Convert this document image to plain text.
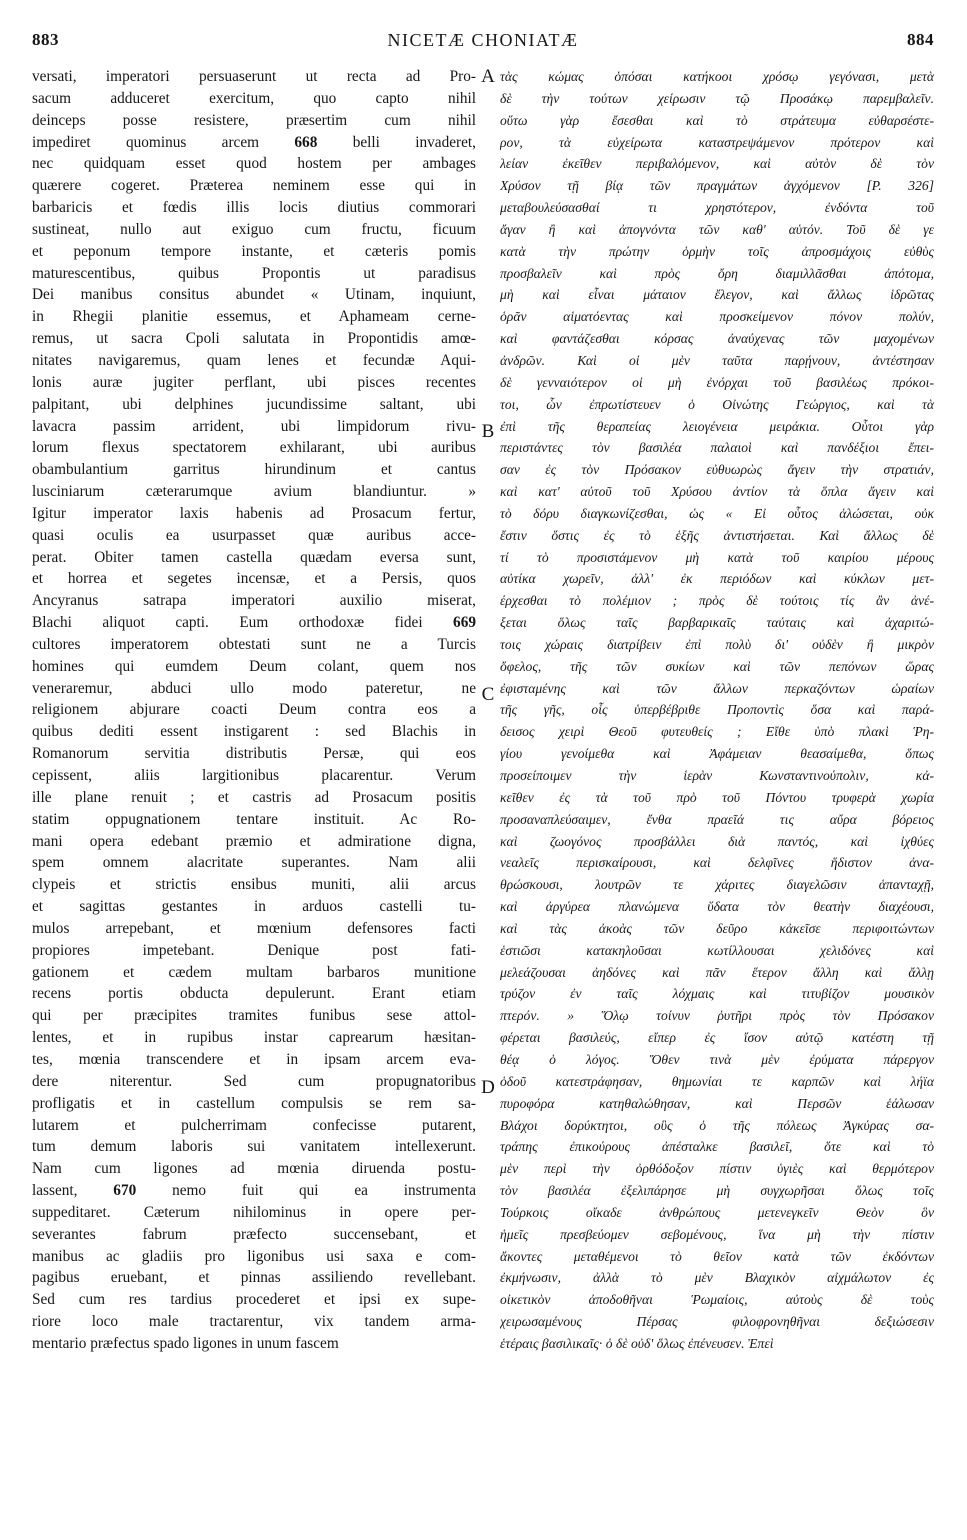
883	NICETÆ CHONIATÆ	884
versati, imperatori persuaserunt ut recta ad Pro-
sacum adduceret exercitum, quo capto nihil
deinceps posse resistere, præsertim cum nihil
impediret quominus arcem 668 belli invaderet,
nec quidquam esset quod hostem per ambages
quærere cogeret. Præterea neminem esse qui in
barbaricis et fœdis illis locis diutius commorari
sustineat, nullo aut exiguo cum fructu, ficuum
et peponum tempore instante, et cæteris pomis
maturescentibus, quibus Propontis ut paradisus
Dei manibus consitus abundet « Utinam, inquiunt,
in Rhegii planitie essemus, et Aphameam cerne-
remus, ut sacra Cpoli salutata in Propontidis amœ-
nitates navigaremus, quam lenes et fecundæ Aqui-
lonis auræ jugiter perflant, ubi pisces recentes
palpitant, ubi delphines jucundissime saltant, ubi
lavacra passim arrident, ubi limpidorum rivu-
lorum flexus spectatorem exhilarant, ubi auribus
obambulantium garritus hirundinum et cantus
lusciniarum cæterarumque avium blandiuntur. »
Igitur imperator laxis habenis ad Prosacum fertur,
quasi oculis ea usurpasset quæ auribus acce-
perat. Obiter tamen castella quædam eversa sunt,
et horrea et segetes incensæ, et a Persis, quos
Ancyranus satrapa imperatori auxilio miserat,
Blachi aliquot capti. Eum orthodoxæ fidei 669
cultores imperatorem obtestati sunt ne a Turcis
homines qui eumdem Deum colant, quem nos
veneraremur, abduci ullo modo pateretur, ne
religionem abjurare coacti Deum contra eos a
quibus dediti essent instigarent : sed Blachis in
Romanorum servitia distributis Persæ, qui eos
cepissent, aliis largitionibus placarentur. Verum
ille plane renuit ; et castris ad Prosacum positis
statim oppugnationem tentare instituit. Ac Ro-
mani opera edebant præmio et admiratione digna,
spem omnem alacritate superantes. Nam alii
clypeis et strictis ensibus muniti, alii arcus
et sagittas gestantes in arduos castelli tu-
mulos arrepebant, et mœnium defensores facti
propiores impetebant. Denique post fati-
gationem et cædem multam barbaros munitione
recens portis obducta depulerunt. Erant etiam
qui per præcipites tramites funibus sese attol-
lentes, et in rupibus instar caprearum hæsitan-
tes, mœnia transcendere et in ipsam arcem eva-
dere niterentur. Sed cum propugnatoribus
profligatis et in castellum compulsis se rem sa-
lutarem et pulcherrimam confecisse putarent,
tum demum laboris sui vanitatem intellexerunt.
Nam cum ligones ad mœnia diruenda postu-
lassent, 670 nemo fuit qui ea instrumenta
suppeditaret. Cæterum nihilominus in opere per-
severantes fabrum præfecto succensebant, et
manibus ac gladiis pro ligonibus usi saxa e com-
pagibus eruebant, et pinnas assiliendo revellebant.
Sed cum res tardius procederet et ipsi ex supe-
riore loco male tractarentur, vix tandem arma-
mentario præfectus spado ligones in unum fascem
A
B
C
D
τὰς κώμας ὁπόσαι κατήκοοι χρόσῳ γεγόνασι, μετὰ
δὲ τὴν τούτων χείρωσιν τῷ Προσάκῳ παρεμβαλεῖν.
οὕτω γὰρ ἔσεσθαι καὶ τὸ στράτευμα εὐθαρσέστε-
ρον, τὰ εὐχείρωτα καταστρεψάμενον πρότερον καὶ
λείαν ἐκεῖθεν περιβαλόμενον, καὶ αὐτὸν δὲ τὸν
Χρύσον τῇ βίᾳ τῶν πραγμάτων ἀγχόμενον [P. 326]
μεταβουλεύσασθαί τι χρηστότερον, ἐνδόντα τοῦ
ἄγαν ἢ καὶ ἀπογνόντα τῶν καθ' αὑτόν. Τοῦ δὲ γε
κατὰ τὴν πρώτην ὁρμὴν τοῖς ἀπροσμάχοις εὐθὺς
προσβαλεῖν καὶ πρὸς ὄρη διαμιλλᾶσθαι ἀπότομα,
μὴ καὶ εἶναι μάταιον ἔλεγον, καὶ ἄλλως ἱδρῶτας
ὁρᾶν αἱματόεντας καὶ προσκείμενον πόνον πολύν,
καὶ φαντάζεσθαι κόρσας ἀναύχενας τῶν μαχομένων
ἀνδρῶν. Καὶ οἱ μὲν ταῦτα παρῄνουν, ἀντέστησαν
δὲ γενναιότερον οἱ μὴ ἐνόρχαι τοῦ βασιλέως πρόκοι-
τοι, ὧν ἐπρωτίστευεν ὁ Οἰνώτης Γεώργιος, καὶ τὰ
ἐπὶ τῆς θεραπείας λειογένεια μειράκια. Οὗτοι γὰρ
περιστάντες τὸν βασιλέα παλαιοὶ καὶ πανδέξιοι ἔπει-
σαν ἐς τὸν Πρόσακον εὐθυωρὼς ἄγειν τὴν στρατιάν,
καὶ κατ' αὐτοῦ τοῦ Χρύσου ἀντίον τὰ ὅπλα ἄγειν καὶ
τὸ δόρυ διαγκωνίζεσθαι, ὡς « Εἰ οὗτος ἁλώσεται, οὐκ
ἔστιν ὅστις ἐς τὸ ἑξῆς ἀντιστήσεται. Καὶ ἄλλως δὲ
τί τὸ προσιστάμενον μὴ κατὰ τοῦ καιρίου μέρους
αὐτίκα χωρεῖν, ἀλλ' ἐκ περιόδων καὶ κύκλων μετ-
έρχεσθαι τὸ πολέμιον ; πρὸς δὲ τούτοις τίς ἂν ἀνέ-
ξεται ὅλως ταῖς βαρβαρικαῖς ταύταις καὶ ἀχαριτώ-
τοις χώραις διατρίβειν ἐπὶ πολὺ δι' οὐδὲν ἢ μικρὸν
ὄφελος, τῆς τῶν συκίων καὶ τῶν πεπόνων ὥρας
ἐφισταμένης καὶ τῶν ἄλλων περκαζόντων ὡραίων
τῆς γῆς, οἷς ὑπερβέβριθε Προποντὶς ὅσα καὶ παρά-
δεισος χειρὶ Θεοῦ φυτευθείς ; Εἴθε ὑπὸ πλακὶ Ῥη-
γίου γενοίμεθα καὶ Ἀφάμειαν θεασαίμεθα, ὅπως
προσείποιμεν τὴν ἱερὰν Κωνσταντινούπολιν, κἀ-
κεῖθεν ἐς τὰ τοῦ πρὸ τοῦ Πόντου τρυφερὰ χωρία
προσαναπλεύσαιμεν, ἔνθα πραεῖά τις αὔρα βόρειος
καὶ ζωογόνος προσβάλλει διὰ παντός, καὶ ἰχθύες
νεαλεῖς περισκαίρουσι, καὶ δελφῖνες ἥδιστον ἀνα-
θρώσκουσι, λουτρῶν τε χάριτες διαγελῶσιν ἁπανταχῇ,
καὶ ἀργύρεα πλανώμενα ὕδατα τὸν θεατὴν διαχέουσι,
καὶ τὰς ἀκοὰς τῶν δεῦρο κἀκεῖσε περιφοιτώντων
ἑστιῶσι κατακηλοῦσαι κωτίλλουσαι χελιδόνες καὶ
μελεάζουσαι ἀηδόνες καὶ πᾶν ἕτερον ἄλλη καὶ ἄλλῃ
τρύζον ἐν ταῖς λόχμαις καὶ τιτυβίζον μουσικὸν
πτερόν. » Ὅλῳ τοίνυν ῥυτῆρι πρὸς τὸν Πρόσακον
φέρεται βασιλεύς, εἴπερ ἐς ἴσον αὐτῷ κατέστη τῇ
θέᾳ ὁ λόγος. Ὅθεν τινὰ μὲν ἐρύματα πάρεργον
ὁδοῦ κατεστράφησαν, θημωνίαι τε καρπῶν καὶ λήϊα
πυροφόρα κατηθαλώθησαν, καὶ Περσῶν ἑάλωσαν
Βλάχοι δορύκτητοι, οὓς ὁ τῆς πόλεως Ἀγκύρας σα-
τράπης ἐπικούρους ἀπέσταλκε βασιλεῖ, ὅτε καὶ τὸ
μὲν περὶ τὴν ὀρθόδοξον πίστιν ὑγιὲς καὶ θερμότερον
τὸν βασιλέα ἐξελιπάρησε μὴ συγχωρῆσαι ὅλως τοῖς
Τούρκοις οἴκαδε ἀνθρώπους μετενεγκεῖν Θεὸν ὃν
ἡμεῖς πρεσβεύομεν σεβομένους, ἵνα μὴ τὴν πίστιν
ἄκοντες μεταθέμενοι τὸ θεῖον κατὰ τῶν ἐκδόντων
ἐκμήνωσιν, ἀλλὰ τὸ μὲν Βλαχικὸν αἰχμάλωτον ἐς
οἰκετικὸν ἀποδοθῆναι Ῥωμαίοις, αὐτοὺς δὲ τοὺς
χειρωσαμένους Πέρσας φιλοφρονηθῆναι δεξιώσεσιν
ἑτέραις βασιλικαῖς· ὁ δὲ οὐδ' ὅλως ἐπένευσεν. Ἐπεὶ
